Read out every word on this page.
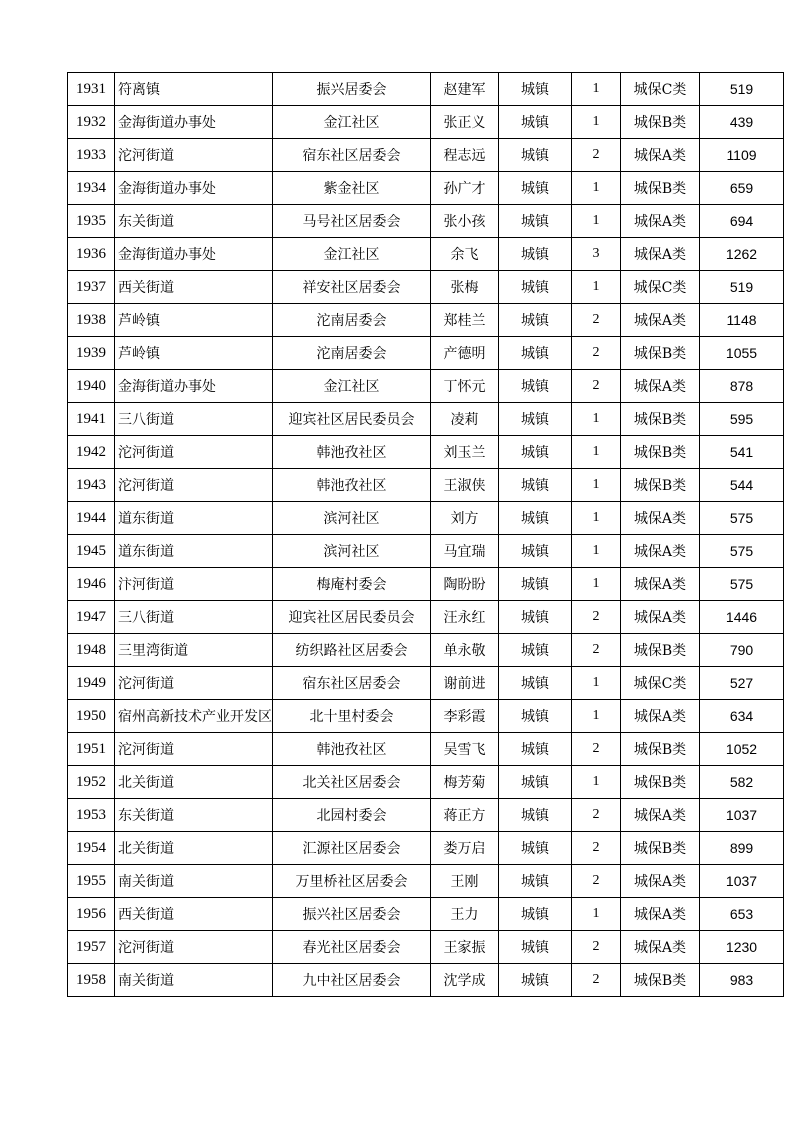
1931	符离镇	振兴居委会	赵建军	城镇	1	城保C类	519
1932	金海街道办事处	金江社区	张正义	城镇	1	城保B类	439
1933	沱河街道	宿东社区居委会	程志远	城镇	2	城保A类	1109
1934	金海街道办事处	紫金社区	孙广才	城镇	1	城保B类	659
1935	东关街道	马号社区居委会	张小孩	城镇	1	城保A类	694
1936	金海街道办事处	金江社区	余飞	城镇	3	城保A类	1262
1937	西关街道	祥安社区居委会	张梅	城镇	1	城保C类	519
1938	芦岭镇	沱南居委会	郑桂兰	城镇	2	城保A类	1148
1939	芦岭镇	沱南居委会	产德明	城镇	2	城保B类	1055
1940	金海街道办事处	金江社区	丁怀元	城镇	2	城保A类	878
1941	三八街道	迎宾社区居民委员会	凌莉	城镇	1	城保B类	595
1942	沱河街道	韩池孜社区	刘玉兰	城镇	1	城保B类	541
1943	沱河街道	韩池孜社区	王淑侠	城镇	1	城保B类	544
1944	道东街道	滨河社区	刘方	城镇	1	城保A类	575
1945	道东街道	滨河社区	马宜瑞	城镇	1	城保A类	575
1946	汴河街道	梅庵村委会	陶盼盼	城镇	1	城保A类	575
1947	三八街道	迎宾社区居民委员会	汪永红	城镇	2	城保A类	1446
1948	三里湾街道	纺织路社区居委会	单永敬	城镇	2	城保B类	790
1949	沱河街道	宿东社区居委会	谢前进	城镇	1	城保C类	527
1950	宿州高新技术产业开发区	北十里村委会	李彩霞	城镇	1	城保A类	634
1951	沱河街道	韩池孜社区	吴雪飞	城镇	2	城保B类	1052
1952	北关街道	北关社区居委会	梅芳菊	城镇	1	城保B类	582
1953	东关街道	北园村委会	蒋正方	城镇	2	城保A类	1037
1954	北关街道	汇源社区居委会	娄万启	城镇	2	城保B类	899
1955	南关街道	万里桥社区居委会	王刚	城镇	2	城保A类	1037
1956	西关街道	振兴社区居委会	王力	城镇	1	城保A类	653
1957	沱河街道	春光社区居委会	王家振	城镇	2	城保A类	1230
1958	南关街道	九中社区居委会	沈学成	城镇	2	城保B类	983
